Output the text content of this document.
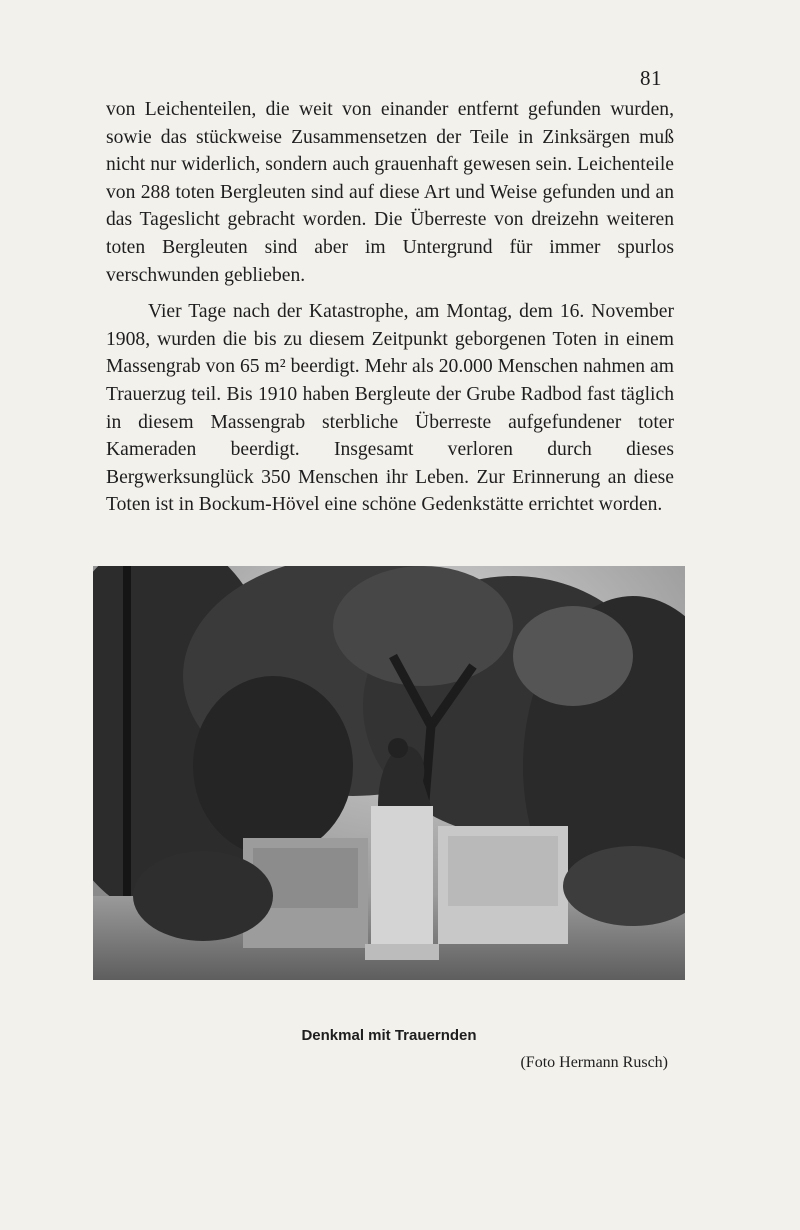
81

von Leichenteilen, die weit von einander entfernt gefunden wurden, sowie das stückweise Zusammensetzen der Teile in Zinksärgen muß nicht nur widerlich, sondern auch grauenhaft gewesen sein. Leichenteile von 288 toten Bergleuten sind auf diese Art und Weise gefunden und an das Tageslicht gebracht worden. Die Überreste von dreizehn weiteren toten Bergleuten sind aber im Untergrund für immer spurlos verschwunden geblieben.

Vier Tage nach der Katastrophe, am Montag, dem 16. November 1908, wurden die bis zu diesem Zeitpunkt geborgenen Toten in einem Massengrab von 65 m² beerdigt. Mehr als 20.000 Menschen nahmen am Trauerzug teil. Bis 1910 haben Bergleute der Grube Radbod fast täglich in diesem Massengrab sterbliche Überreste aufgefundener toter Kameraden beerdigt. Insgesamt verloren durch dieses Bergwerksunglück 350 Menschen ihr Leben. Zur Erinnerung an diese Toten ist in Bockum-Hövel eine schöne Gedenkstätte errichtet worden.

Denkmal mit Trauernden
(Foto Hermann Rusch)
